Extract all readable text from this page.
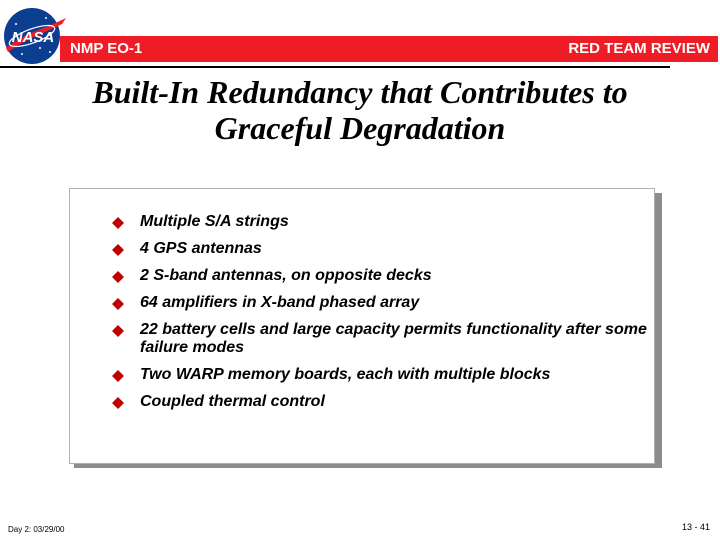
NASA
NMP EO-1	RED TEAM REVIEW
Built-In Redundancy that Contributes to
Graceful Degradation
Multiple S/A strings
4 GPS antennas
2 S-band antennas, on opposite decks
64 amplifiers in X-band phased array
22 battery cells and large capacity permits functionality after some failure modes
Two WARP memory boards, each with multiple blocks
Coupled thermal control
Day 2: 03/29/00	13 - 41
